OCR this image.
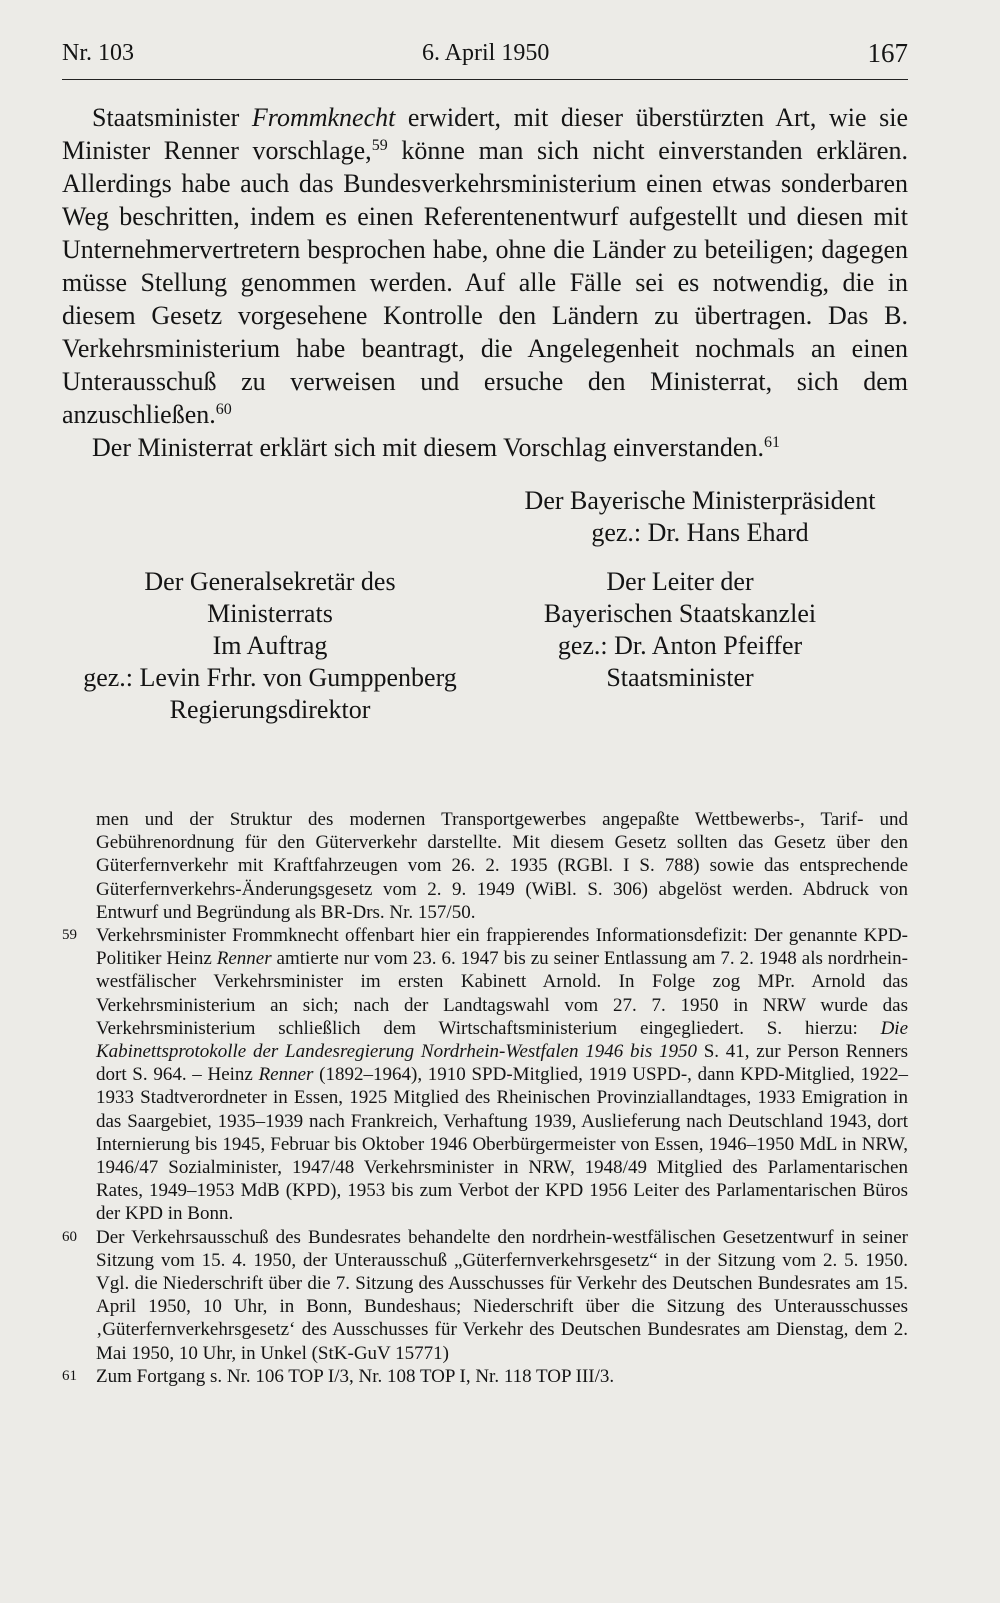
Nr. 103	6. April 1950	167

Staatsminister Frommknecht erwidert, mit dieser überstürzten Art, wie sie Minister Renner vorschlage,$^{59}$ könne man sich nicht einverstanden erklären. Allerdings habe auch das Bundesverkehrsministerium einen etwas sonderbaren Weg beschritten, indem es einen Referentenentwurf aufgestellt und diesen mit Unternehmervertretern besprochen habe, ohne die Länder zu beteiligen; dagegen müsse Stellung genommen werden. Auf alle Fälle sei es notwendig, die in diesem Gesetz vorgesehene Kontrolle den Ländern zu übertragen. Das B. Verkehrsministerium habe beantragt, die Angelegenheit nochmals an einen Unterausschuß zu verweisen und ersuche den Ministerrat, sich dem anzuschließen.$^{60}$

Der Ministerrat erklärt sich mit diesem Vorschlag einverstanden.$^{61}$

Der Bayerische Ministerpräsident
gez.: Dr. Hans Ehard
Der Generalsekretär des
Ministerrats
Im Auftrag
gez.: Levin Frhr. von Gumppenberg
Regierungsdirektor
Der Leiter der
Bayerischen Staatskanzlei
gez.: Dr. Anton Pfeiffer
Staatsminister

men und der Struktur des modernen Transportgewerbes angepaßte Wettbewerbs-, Tarif- und Gebührenordnung für den Güterverkehr darstellte. Mit diesem Gesetz sollten das Gesetz über den Güterfernverkehr mit Kraftfahrzeugen vom 26. 2. 1935 (RGBl. I S. 788) sowie das entsprechende Güterfernverkehrs-Änderungsgesetz vom 2. 9. 1949 (WiBl. S. 306) abgelöst werden. Abdruck von Entwurf und Begründung als BR-Drs. Nr. 157/50.

59 Verkehrsminister Frommknecht offenbart hier ein frappierendes Informationsdefizit: Der genannte KPD-Politiker Heinz Renner amtierte nur vom 23. 6. 1947 bis zu seiner Entlassung am 7. 2. 1948 als nordrhein-westfälischer Verkehrsminister im ersten Kabinett Arnold. In Folge zog MPr. Arnold das Verkehrsministerium an sich; nach der Landtagswahl vom 27. 7. 1950 in NRW wurde das Verkehrsministerium schließlich dem Wirtschaftsministerium eingegliedert. S. hierzu: Die Kabinettsprotokolle der Landesregierung Nordrhein-Westfalen 1946 bis 1950 S. 41, zur Person Renners dort S. 964. – Heinz Renner (1892–1964), 1910 SPD-Mitglied, 1919 USPD-, dann KPD-Mitglied, 1922–1933 Stadtverordneter in Essen, 1925 Mitglied des Rheinischen Provinziallandtages, 1933 Emigration in das Saargebiet, 1935–1939 nach Frankreich, Verhaftung 1939, Auslieferung nach Deutschland 1943, dort Internierung bis 1945, Februar bis Oktober 1946 Oberbürgermeister von Essen, 1946–1950 MdL in NRW, 1946/47 Sozialminister, 1947/48 Verkehrsminister in NRW, 1948/49 Mitglied des Parlamentarischen Rates, 1949–1953 MdB (KPD), 1953 bis zum Verbot der KPD 1956 Leiter des Parlamentarischen Büros der KPD in Bonn.

60 Der Verkehrsausschuß des Bundesrates behandelte den nordrhein-westfälischen Gesetzentwurf in seiner Sitzung vom 15. 4. 1950, der Unterausschuß „Güterfernverkehrsgesetz“ in der Sitzung vom 2. 5. 1950. Vgl. die Niederschrift über die 7. Sitzung des Ausschusses für Verkehr des Deutschen Bundesrates am 15. April 1950, 10 Uhr, in Bonn, Bundeshaus; Niederschrift über die Sitzung des Unterausschusses ‚Güterfernverkehrsgesetz‘ des Ausschusses für Verkehr des Deutschen Bundesrates am Dienstag, dem 2. Mai 1950, 10 Uhr, in Unkel (StK-GuV 15771)

61 Zum Fortgang s. Nr. 106 TOP I/3, Nr. 108 TOP I, Nr. 118 TOP III/3.
